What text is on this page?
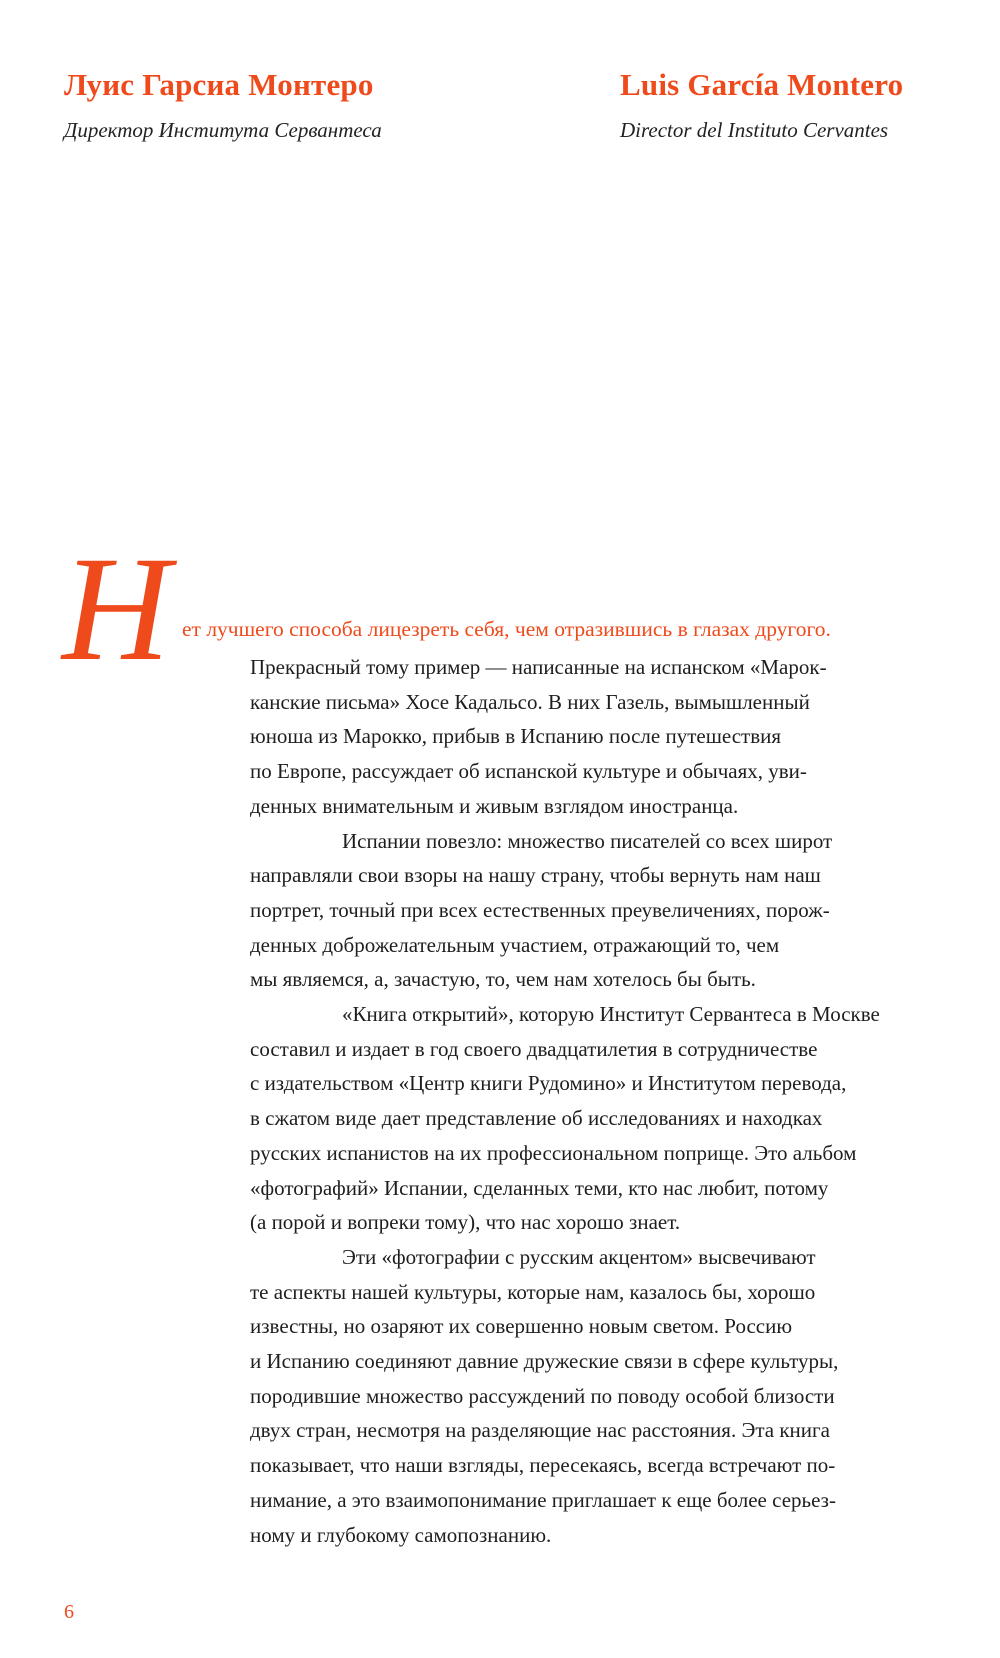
Луис Гарсиа Монтеро
Директор Института Сервантеса
Luis García Montero
Director del Instituto Cervantes
Н ет лучшего способа лицезреть себя, чем отразившись в глазах другого.
Прекрасный тому пример — написанные на испанском «Марок-
канские письма» Хосе Кадальсо. В них Газель, вымышленный
юноша из Марокко, прибыв в Испанию после путешествия
по Европе, рассуждает об испанской культуре и обычаях, уви-
денных внимательным и живым взглядом иностранца.
Испании повезло: множество писателей со всех широт
направляли свои взоры на нашу страну, чтобы вернуть нам наш
портрет, точный при всех естественных преувеличениях, порож-
денных доброжелательным участием, отражающий то, чем
мы являемся, а, зачастую, то, чем нам хотелось бы быть.
«Книга открытий», которую Институт Сервантеса в Москве
составил и издает в год своего двадцатилетия в сотрудничестве
с издательством «Центр книги Рудомино» и Институтом перевода,
в сжатом виде дает представление об исследованиях и находках
русских испанистов на их профессиональном поприще. Это альбом
«фотографий» Испании, сделанных теми, кто нас любит, потому
(а порой и вопреки тому), что нас хорошо знает.
Эти «фотографии с русским акцентом» высвечивают
те аспекты нашей культуры, которые нам, казалось бы, хорошо
известны, но озаряют их совершенно новым светом. Россию
и Испанию соединяют давние дружеские связи в сфере культуры,
породившие множество рассуждений по поводу особой близости
двух стран, несмотря на разделяющие нас расстояния. Эта книга
показывает, что наши взгляды, пересекаясь, всегда встречают по-
нимание, а это взаимопонимание приглашает к еще более серьез-
ному и глубокому самопознанию.
6
